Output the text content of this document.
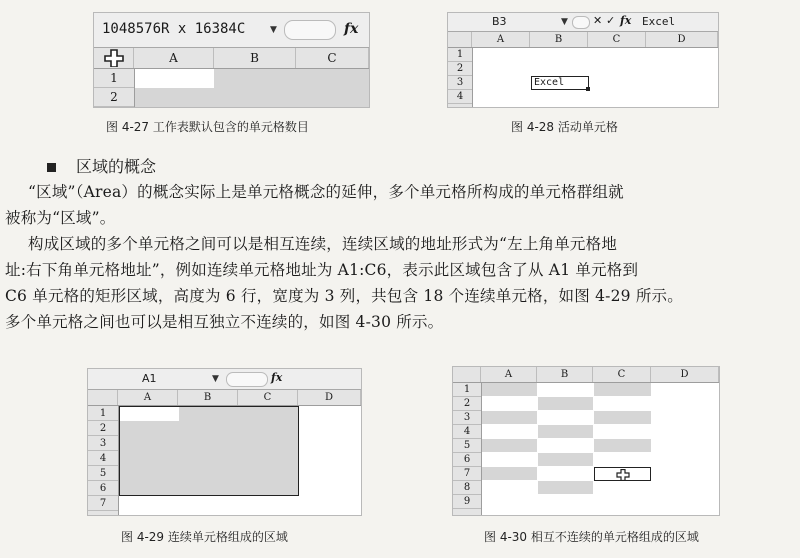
1048576R x 16384C	▼	fx
A	B	C
1
2
图 4-27 工作表默认包含的单元格数目
B3	▼ ✕ ✓ fx Excel
A	B	C	D
1
2
3
4
Excel
图 4-28 活动单元格
区域的概念
“区域”（Area）的概念实际上是单元格概念的延伸，多个单元格所构成的单元格群组就
被称为“区域”。
构成区域的多个单元格之间可以是相互连续，连续区域的地址形式为“左上角单元格地
址:右下角单元格地址”，例如连续单元格地址为 A1:C6，表示此区域包含了从 A1 单元格到
C6 单元格的矩形区域，高度为 6 行，宽度为 3 列，共包含 18 个连续单元格，如图 4-29 所示。
多个单元格之间也可以是相互独立不连续的，如图 4-30 所示。
A1	▼	fx
A	B	C	D
1
2
3
4
5
6
7
图 4-29 连续单元格组成的区域
A	B	C	D
1
2
3
4
5
6
7
8
9
图 4-30 相互不连续的单元格组成的区域
